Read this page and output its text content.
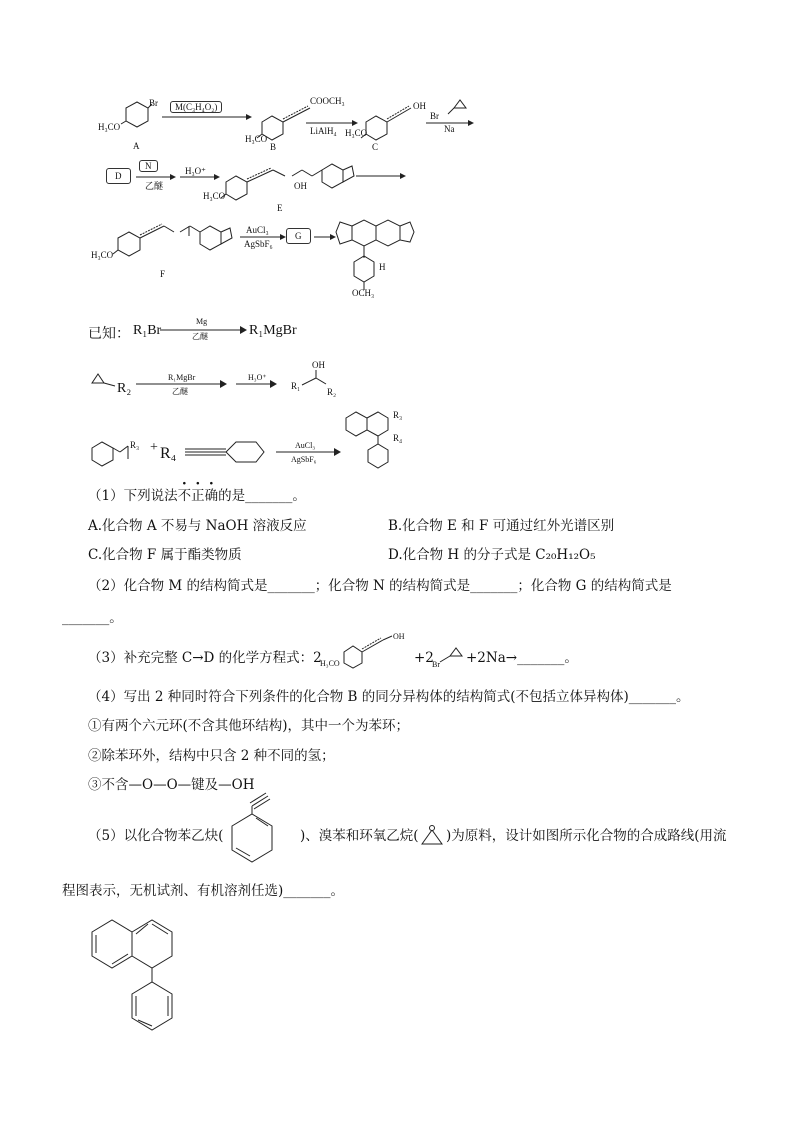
Br
H₃CO
A
M(C₃H₄O₂)
COOCH₃
H₃CO
B
LiAlH₄
OH
H₃CO
C
Br
Na
D
N
乙醚
H₃O⁺
H₃CO
OH
E
H₃CO
F
AuCl₃
AgSbF₆
G
H
OCH₃
已知： R₁Br
Mg
乙醚	R₁MgBr
R₂
R₁MgBr
乙醚
H₃O⁺
R₁
OH
R₂
R₃ + R₄	AuCl₃
AgSbF₆
R₃
R₄
（1）下列说法不正确的是_______。
A.化合物 A 不易与 NaOH 溶液反应	B.化合物 E 和 F 可通过红外光谱区别
C.化合物 F 属于酯类物质	D.化合物 H 的分子式是 C₂₀H₁₂O₅
（2）化合物 M 的结构简式是_______；化合物 N 的结构简式是_______；化合物 G 的结构简式是
_______。
（3）补充完整 C→D 的化学方程式：2
H₃CO
OH
+2
Br +2Na→_______。
（4）写出 2 种同时符合下列条件的化合物 B 的同分异构体的结构简式(不包括立体异构体)_______。
①有两个六元环(不含其他环结构)，其中一个为苯环；
②除苯环外，结构中只含 2 种不同的氢；
③不含—O—O—键及—OH
（5）以化合物苯乙炔(	)、溴苯和环氧乙烷( )为原料，设计如图所示化合物的合成路线(用流
程图表示，无机试剂、有机溶剂任选)_______。
